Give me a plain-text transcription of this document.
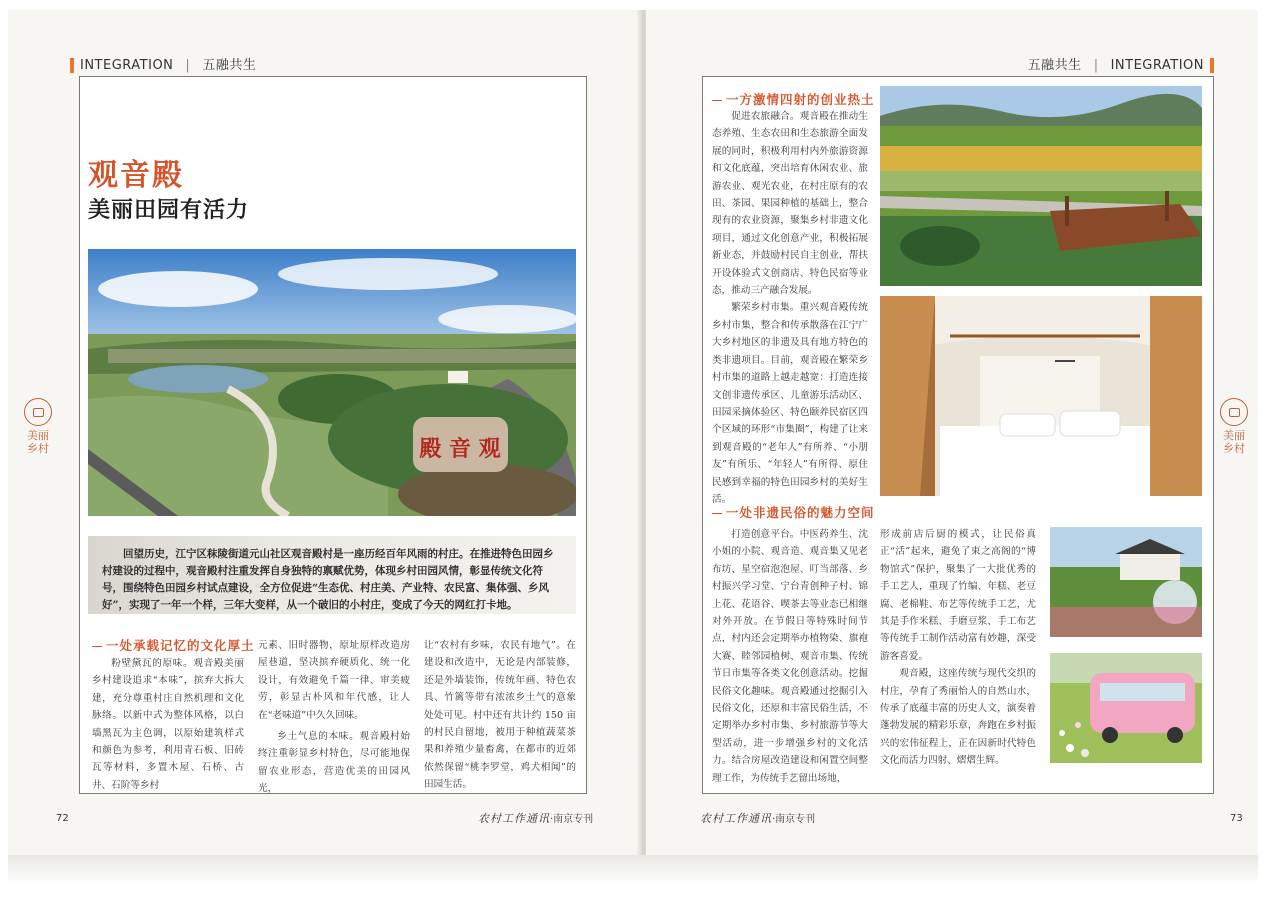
INTEGRATION | 五融共生
美丽
乡村
72	农村工作通讯·南京专刊
五融共生 | INTEGRATION
美丽
乡村
农村工作通讯·南京专刊	73
观音殿
美丽田园有活力
殿 音 观
回望历史，江宁区秣陵街道元山社区观音殿村是一座历经百年风雨的村庄。在推进特色田园乡村建设的过程中，观音殿村注重发挥自身独特的禀赋优势，体现乡村田园风情，彰显传统文化符号，围绕特色田园乡村试点建设，全方位促进“生态优、村庄美、产业特、农民富、集体强、乡风好”，实现了一年一个样，三年大变样，从一个破旧的小村庄，变成了今天的网红打卡地。
一处承载记忆的文化厚土

粉壁黛瓦的原味。观音殿美丽乡村建设追求“本味”，摈弃大拆大建，充分尊重村庄自然机理和文化脉络。以新中式为整体风格，以白墙黑瓦为主色调，以原始建筑样式和颜色为参考，利用青石板、旧砖瓦等材料，多置木屋、石桥、古井、石阶等乡村

元素、旧时器物，原址原样改造房屋巷道，坚决摈弃硬质化、统一化设计，有效避免千篇一律、审美疲劳，彰显古朴风和年代感，让人在“老味道”中久久回味。

乡土气息的本味。观音殿村始终注重彰显乡村特色，尽可能地保留农业形态，营造优美的田园风光，

让“农村有乡味，农民有地气”。在建设和改造中，无论是内部装修，还是外墙装饰，传统年画、特色农具、竹篱等带有浓浓乡土气的意象处处可见。村中还有共计约 150 亩的村民自留地，被用于种植蔬菜茶果和养殖少量畜禽，在都市的近郊依然保留“桃李罗堂，鸡犬相闻”的田园生活。

一方激情四射的创业热土

促进农旅融合。观音殿在推动生态养殖、生态农田和生态旅游全面发展的同时，积极利用村内外旅游资源和文化底蕴，突出培育休闲农业、旅游农业、观光农业，在村庄原有的农田、茶园、果园种植的基础上，整合现有的农业资源，聚集乡村非遗文化项目，通过文化创意产业，积极拓展新业态，并鼓励村民自主创业，帮扶开设体验式文创商店、特色民宿等业态，推动三产融合发展。

繁荣乡村市集。重兴观音殿传统乡村市集，整合和传承散落在江宁广大乡村地区的非遗及具有地方特色的类非遗项目。目前，观音殿在繁荣乡村市集的道路上越走越宽：打造连接文创非遗传承区、儿童游乐活动区、田园采摘体验区、特色颐养民宿区四个区域的环形“市集圈”，构建了让来到观音殿的“老年人”有所养、“小朋友”有所乐、“年轻人”有所得、原住民感到幸福的特色田园乡村的美好生活。

一处非遗民俗的魅力空间

打造创意平台。中医药养生、沈小姐的小院、观音造、观音集又见老布坊、星空宿泡泡屋、叮当部落、乡村振兴学习堂、宁台青创种子村、锦上花、花语谷、喫茶去等业态已相继对外开放。在节假日等特殊时间节点，村内还会定期举办植物染、旗袍大赛、睦邻园植树、观音市集、传统节日市集等各类文化创意活动。挖掘民俗文化趣味。观音殿通过挖掘引入民俗文化，还原和丰富民俗生活，不定期举办乡村市集、乡村旅游节等大型活动，进一步增强乡村的文化活力。结合房屋改造建设和闲置空间整理工作，为传统手艺留出场地，

形成前店后厨的模式，让民俗真正“活”起来，避免了束之高阁的“博物馆式”保护，聚集了一大批优秀的手工艺人，重现了竹编、年糕、老豆腐、老棉鞋、布艺等传统手工艺，尤其是手作米糕、手磨豆浆、手工布艺等传统手工制作活动富有妙趣，深受游客喜爱。

观音殿，这座传统与现代交织的村庄，孕育了秀丽怡人的自然山水，传承了底蕴丰富的历史人文，演奏着蓬勃发展的精彩乐章，奔跑在乡村振兴的宏伟征程上，正在因新时代特色文化而活力四射、熠熠生辉。
